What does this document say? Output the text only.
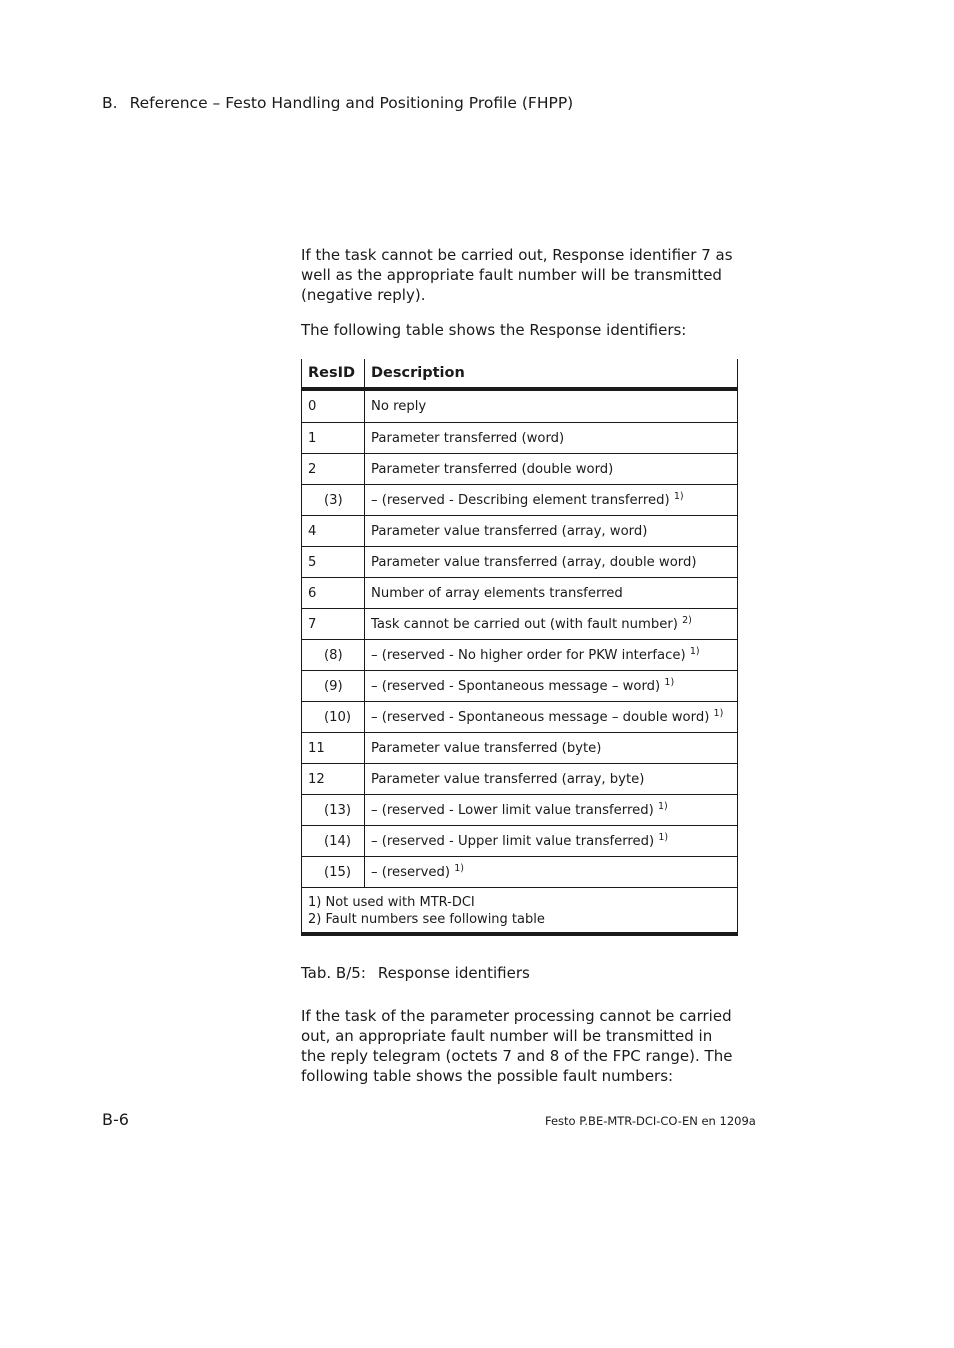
B. Reference – Festo Handling and Positioning Profile (FHPP)
If the task cannot be carried out, Response identifier 7 as well as the appropriate fault number will be transmitted (negative reply).
The following table shows the Response identifiers:
ResID	Description
0	No reply
1	Parameter transferred (word)
2	Parameter transferred (double word)
(3)	– (reserved - Describing element transferred) $^{1)}$
4	Parameter value transferred (array, word)
5	Parameter value transferred (array, double word)
6	Number of array elements transferred
7	Task cannot be carried out (with fault number) $^{2)}$
(8)	– (reserved - No higher order for PKW interface) $^{1)}$
(9)	– (reserved - Spontaneous message – word) $^{1)}$
(10)	– (reserved - Spontaneous message – double word) $^{1)}$
11	Parameter value transferred (byte)
12	Parameter value transferred (array, byte)
(13)	– (reserved - Lower limit value transferred) $^{1)}$
(14)	– (reserved - Upper limit value transferred) $^{1)}$
(15)	– (reserved) $^{1)}$

1) Not used with MTR-DCI
2) Fault numbers see following table	
Tab. B/5: Response identifiers
If the task of the parameter processing cannot be carried out, an appropriate fault number will be transmitted in the reply telegram (octets 7 and 8 of the FPC range). The following table shows the possible fault numbers:
B-6	Festo P.BE-MTR-DCI-CO-EN en 1209a
